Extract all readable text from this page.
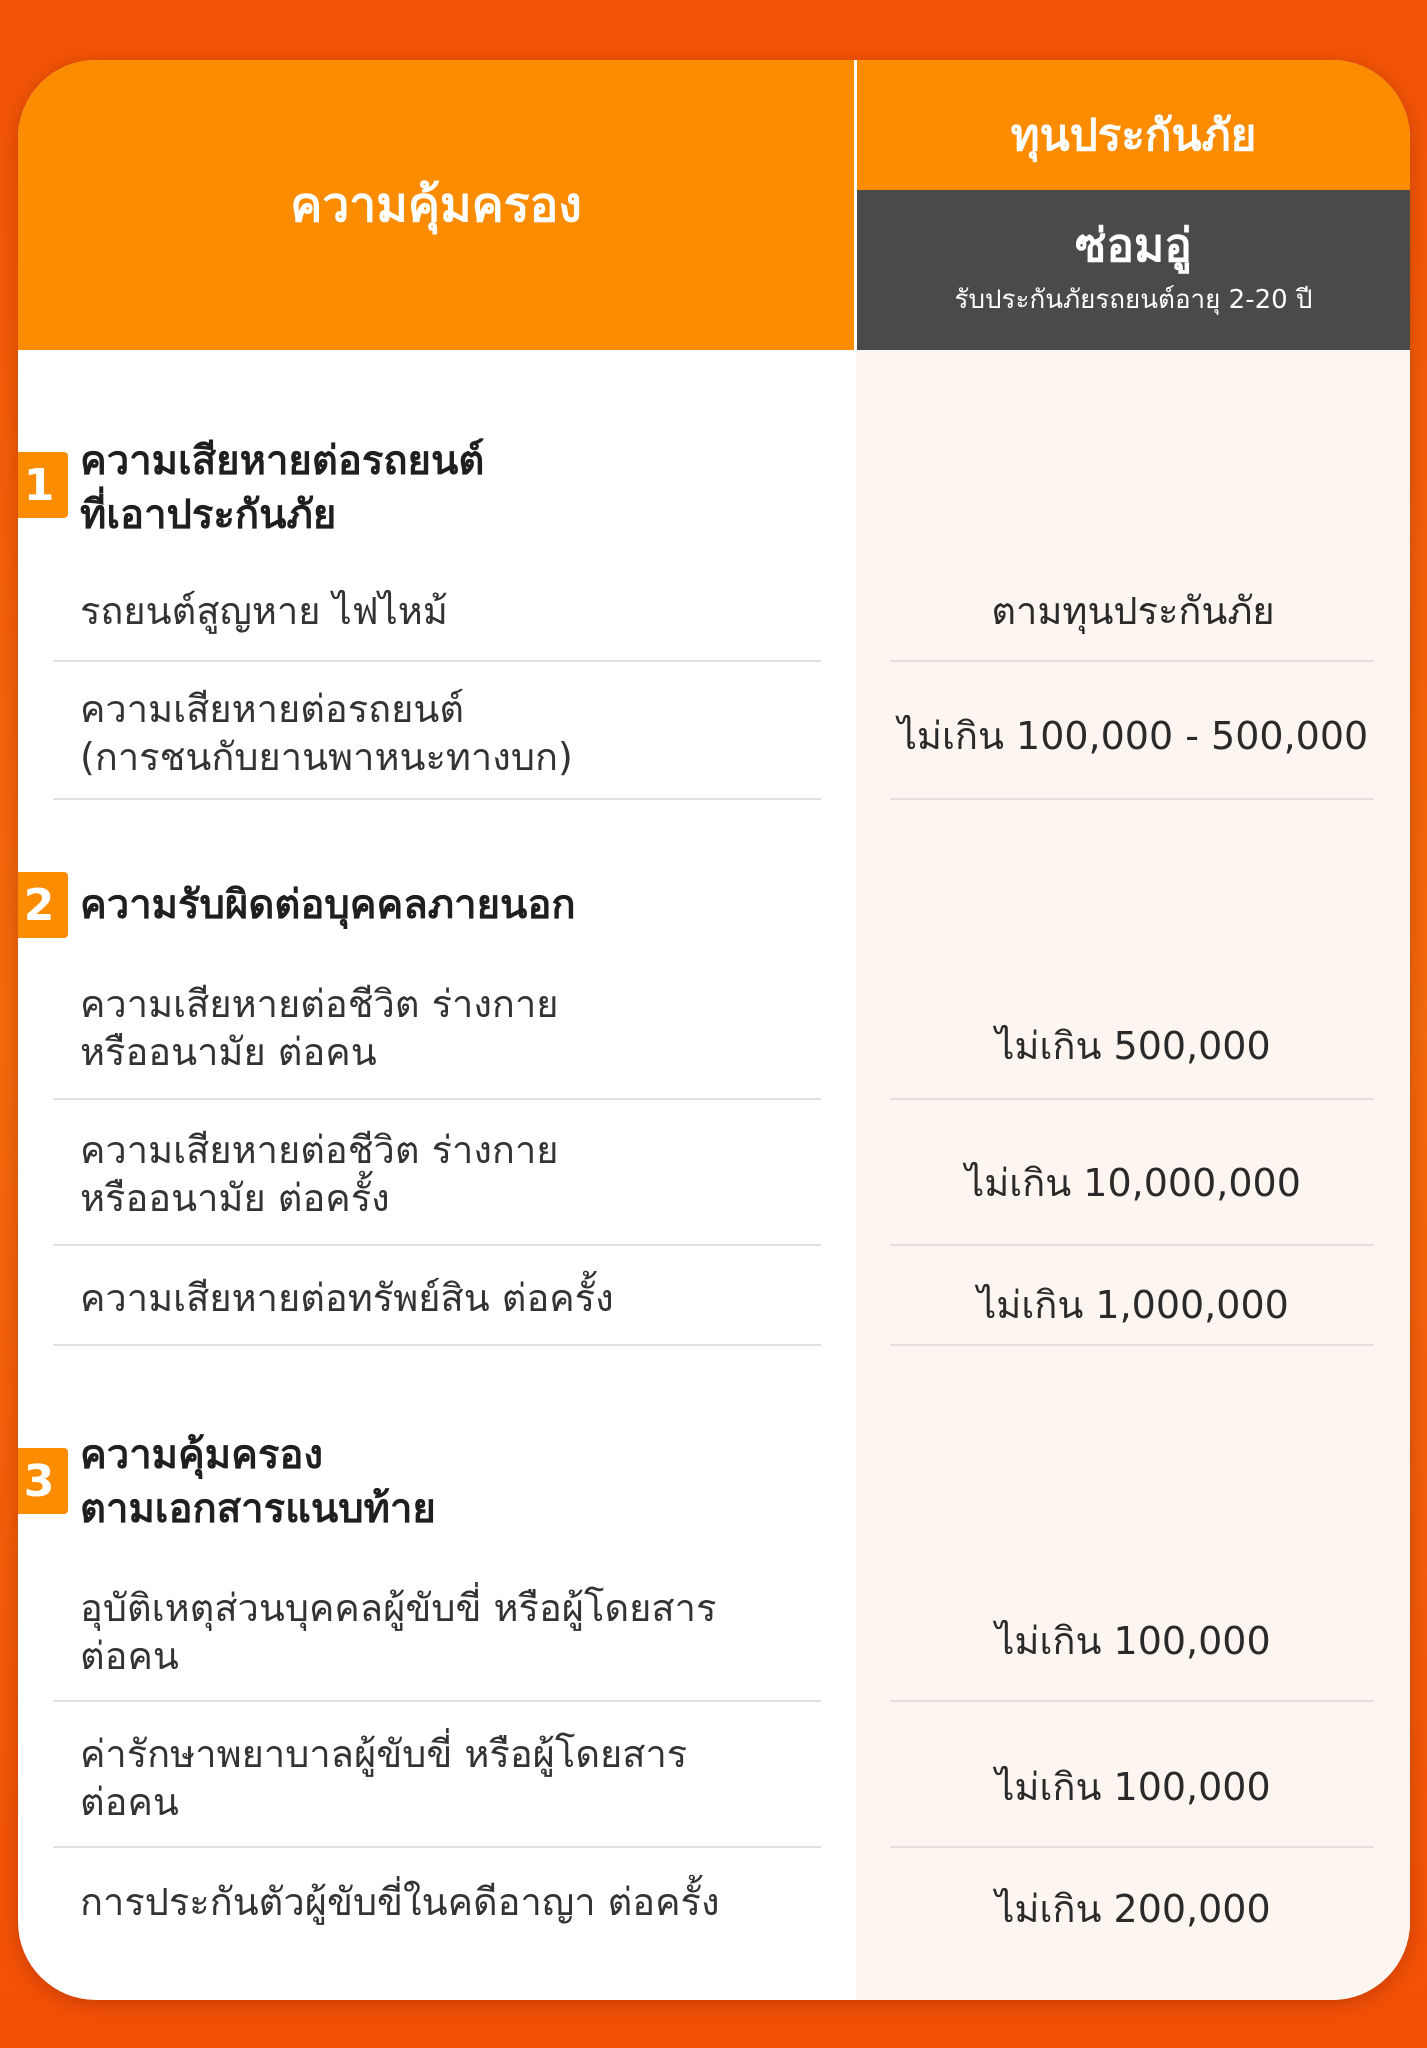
ความคุ้มครอง
ทุนประกันภัย
ซ่อมอู่
รับประกันภัยรถยนต์อายุ 2-20 ปี
1 ความเสียหายต่อรถยนต์
ที่เอาประกันภัย
รถยนต์สูญหาย ไฟไหม้	ตามทุนประกันภัย
ความเสียหายต่อรถยนต์
(การชนกับยานพาหนะทางบก)	ไม่เกิน 100,000 - 500,000
2 ความรับผิดต่อบุคคลภายนอก
ความเสียหายต่อชีวิต ร่างกาย
หรืออนามัย ต่อคน	ไม่เกิน 500,000
ความเสียหายต่อชีวิต ร่างกาย
หรืออนามัย ต่อครั้ง	ไม่เกิน 10,000,000
ความเสียหายต่อทรัพย์สิน ต่อครั้ง	ไม่เกิน 1,000,000
3
ความคุ้มครอง
ตามเอกสารแนบท้าย
อุบัติเหตุส่วนบุคคลผู้ขับขี่ หรือผู้โดยสาร
ต่อคน	ไม่เกิน 100,000
ค่ารักษาพยาบาลผู้ขับขี่ หรือผู้โดยสาร
ต่อคน	ไม่เกิน 100,000
การประกันตัวผู้ขับขี่ในคดีอาญา ต่อครั้ง	ไม่เกิน 200,000
